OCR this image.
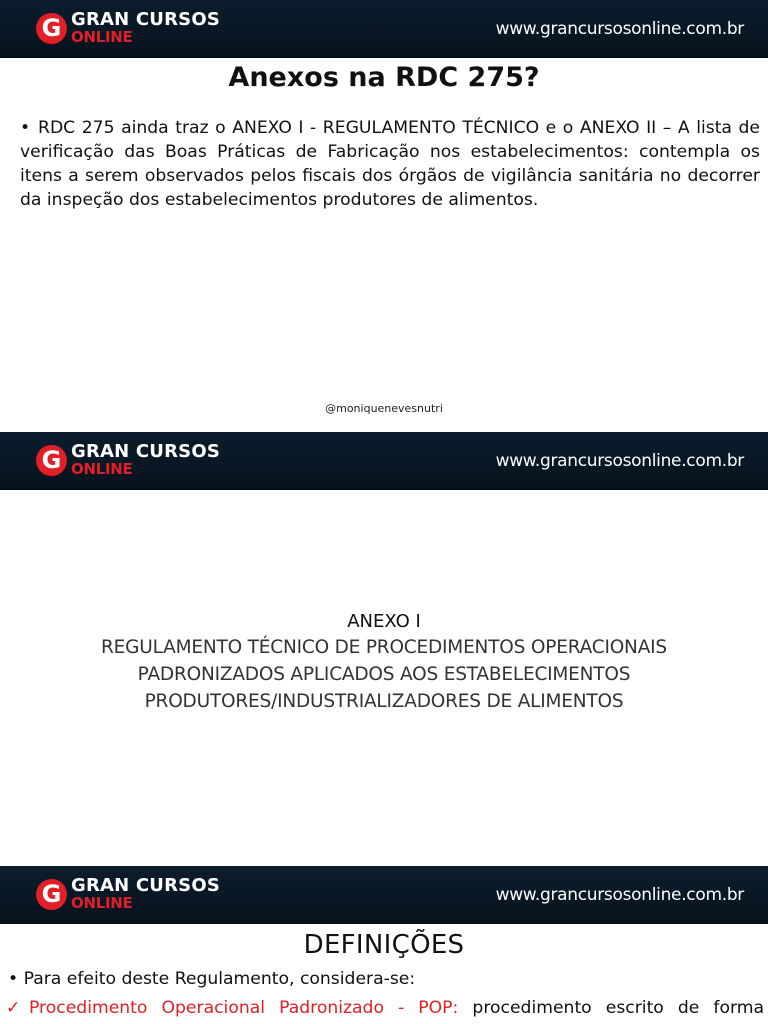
G GRAN CURSOS
ONLINE	www.grancursosonline.com.br
Anexos na RDC 275?
• RDC 275 ainda traz o ANEXO I - REGULAMENTO TÉCNICO e o ANEXO II – A lista de verificação das Boas Práticas de Fabricação nos estabelecimentos: contempla os itens a serem observados pelos fiscais dos órgãos de vigilância sanitária no decorrer da inspeção dos estabelecimentos produtores de alimentos.
@moniquenevesnutri
G GRAN CURSOS
ONLINE	www.grancursosonline.com.br
ANEXO I
REGULAMENTO TÉCNICO DE PROCEDIMENTOS OPERACIONAIS
PADRONIZADOS APLICADOS AOS ESTABELECIMENTOS
PRODUTORES/INDUSTRIALIZADORES DE ALIMENTOS
G GRAN CURSOS
ONLINE	www.grancursosonline.com.br
DEFINIÇÕES
• Para efeito deste Regulamento, considera-se:
✓Procedimento Operacional Padronizado - POP: procedimento escrito de forma
